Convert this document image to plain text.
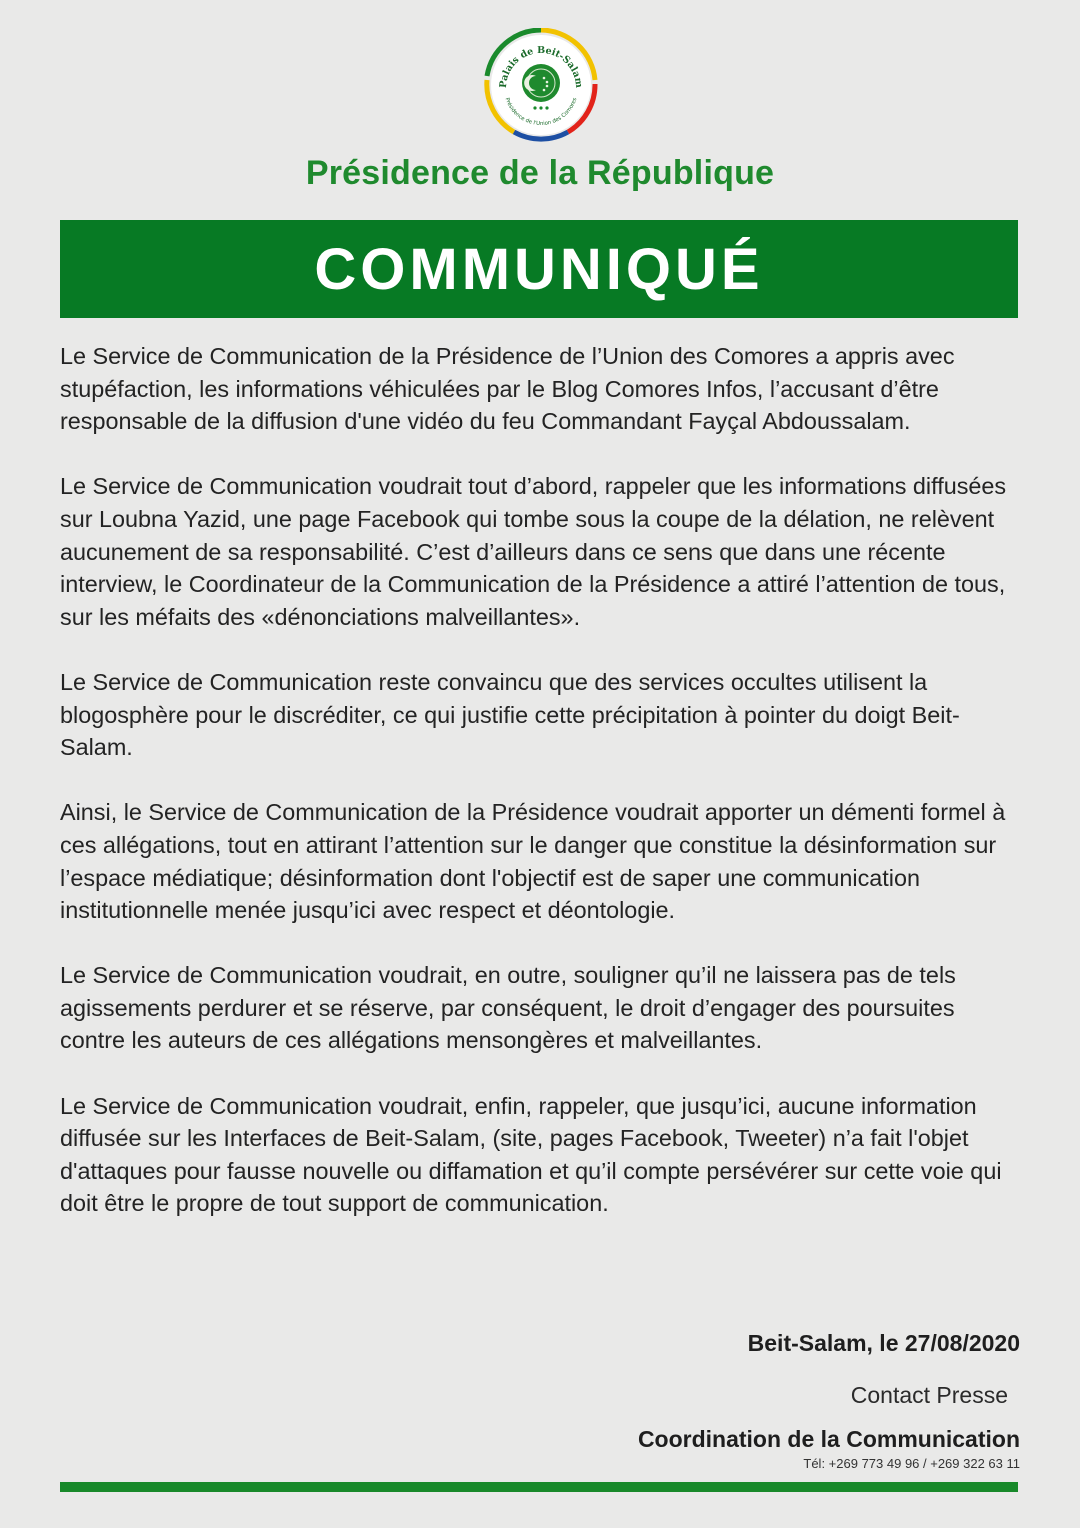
Palais de Beit-Salam
Présidence de l'Union des Comores
Présidence de la République
COMMUNIQUÉ

Le Service de Communication de la Présidence de l’Union des Comores a appris avec stupéfaction, les informations véhiculées par le Blog Comores Infos, l’accusant d’être responsable de la diffusion d'une vidéo du feu Commandant Fayçal Abdoussalam.

Le Service de Communication voudrait tout d’abord, rappeler que les informations diffusées sur Loubna Yazid, une page Facebook qui tombe sous la coupe de la délation, ne relèvent aucunement de sa responsabilité. C’est d’ailleurs dans ce sens que dans une récente interview, le Coordinateur de la Communication de la Présidence a attiré l’attention de tous, sur les méfaits des «dénonciations malveillantes».

Le Service de Communication reste convaincu que des services occultes utilisent la blogosphère pour le discréditer, ce qui justifie cette précipitation à pointer du doigt Beit-Salam.

Ainsi, le Service de Communication de la Présidence voudrait apporter un démenti formel à ces allégations, tout en attirant l’attention sur le danger que constitue la désinformation sur l’espace médiatique; désinformation dont l'objectif est de saper une communication institutionnelle menée jusqu’ici avec respect et déontologie.

Le Service de Communication voudrait, en outre, souligner qu’il ne laissera pas de tels agissements perdurer et se réserve, par conséquent, le droit d’engager des poursuites contre les auteurs de ces allégations mensongères et malveillantes.

Le Service de Communication voudrait, enfin, rappeler, que jusqu’ici, aucune information diffusée sur les Interfaces de Beit-Salam, (site, pages Facebook, Tweeter) n’a fait l'objet d'attaques pour fausse nouvelle ou diffamation et qu’il compte persévérer sur cette voie qui doit être le propre de tout support de communication.

Beit-Salam, le 27/08/2020
Contact Presse
Coordination de la Communication
Tél: +269 773 49 96 / +269 322 63 11
